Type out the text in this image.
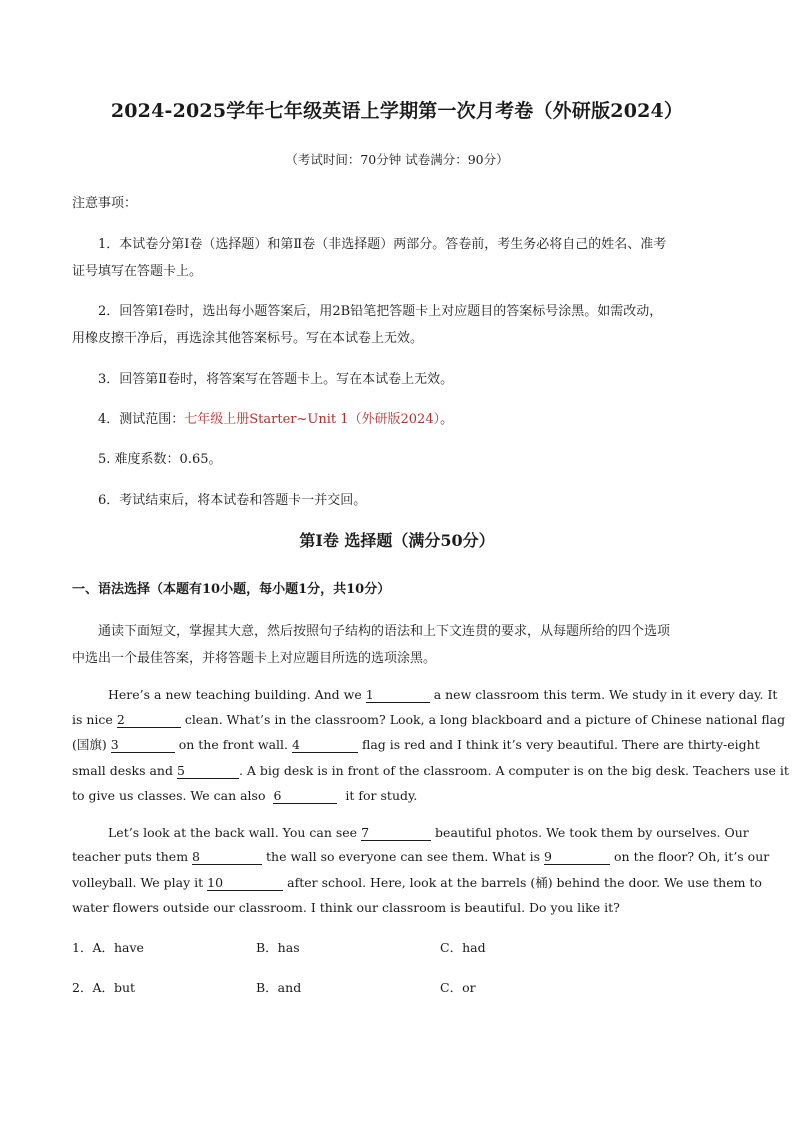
2024-2025学年七年级英语上学期第一次月考卷（外研版2024）
（考试时间：70分钟 试卷满分：90分）
注意事项：
1．本试卷分第Ⅰ卷（选择题）和第Ⅱ卷（非选择题）两部分。答卷前，考生务必将自己的姓名、准考
证号填写在答题卡上。
2．回答第Ⅰ卷时，选出每小题答案后，用2B铅笔把答题卡上对应题目的答案标号涂黑。如需改动，
用橡皮擦干净后，再选涂其他答案标号。写在本试卷上无效。
3．回答第Ⅱ卷时，将答案写在答题卡上。写在本试卷上无效。
4．测试范围：七年级上册Starter~Unit 1（外研版2024）。
5. 难度系数：0.65。
6．考试结束后，将本试卷和答题卡一并交回。
第Ⅰ卷 选择题（满分50分）
一、语法选择（本题有10小题，每小题1分，共10分）
通读下面短文，掌握其大意，然后按照句子结构的语法和上下文连贯的要求，从每题所给的四个选项
中选出一个最佳答案，并将答题卡上对应题目所选的选项涂黑。
Here’s a new teaching building. And we 1	a new classroom this term. We study in it every day. It
is nice 2	clean. What’s in the classroom? Look, a long blackboard and a picture of Chinese national flag
(国旗) 3	on the front wall. 4	flag is red and I think it’s very beautiful. There are thirty-eight
small desks and 5	. A big desk is in front of the classroom. A computer is on the big desk. Teachers use it
to give us classes. We can also 6	it for study.
Let’s look at the back wall. You can see 7	beautiful photos. We took them by ourselves. Our
teacher puts them 8	the wall so everyone can see them. What is 9	on the floor? Oh, it’s our
volleyball. We play it 10	after school. Here, look at the barrels (桶) behind the door. We use them to
water flowers outside our classroom. I think our classroom is beautiful. Do you like it?
1．A．have	B．has	C．had
2．A．but	B．and	C．or
